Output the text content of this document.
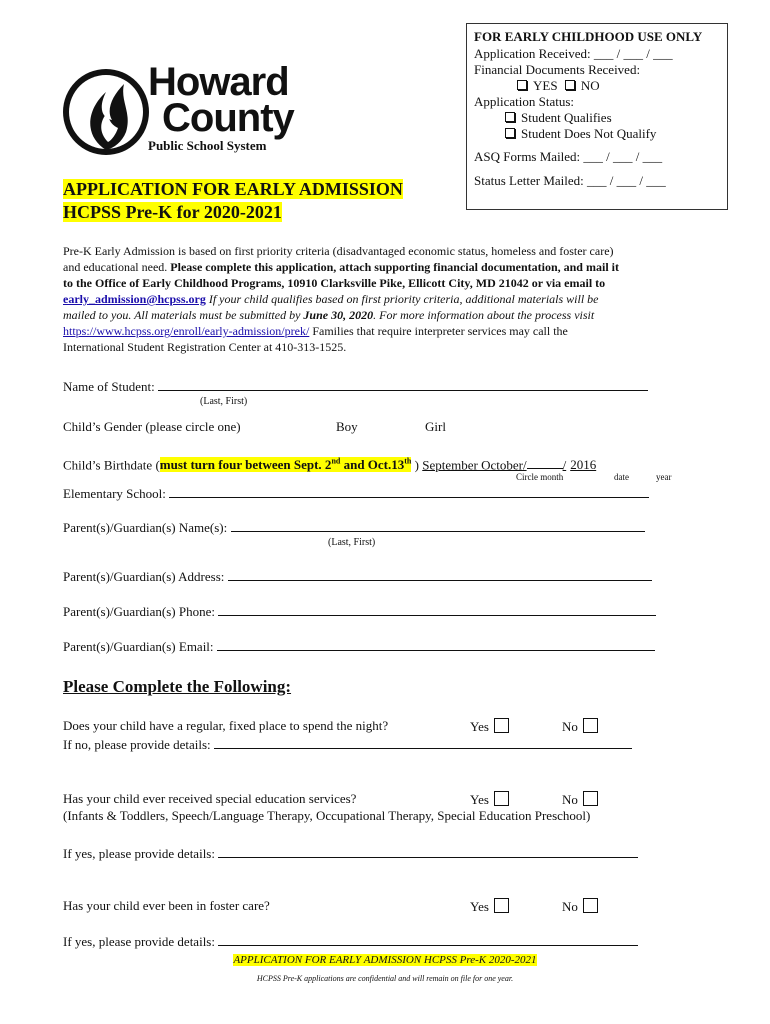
FOR EARLY CHILDHOOD USE ONLY
Application Received: ___ / ___ / ___
Financial Documents Received:
YES NO
Application Status:
Student Qualifies
Student Does Not Qualify
ASQ Forms Mailed: ___ / ___ / ___
Status Letter Mailed: ___ / ___ / ___
Howard
County
Public School System
APPLICATION FOR EARLY ADMISSION
HCPSS Pre-K for 2020-2021
Pre-K Early Admission is based on first priority criteria (disadvantaged economic status, homeless and foster care)
and educational need. Please complete this application, attach supporting financial documentation, and mail it
to the Office of Early Childhood Programs, 10910 Clarksville Pike, Ellicott City, MD 21042 or via email to
early_admission@hcpss.org If your child qualifies based on first priority criteria, additional materials will be
mailed to you. All materials must be submitted by June 30, 2020. For more information about the process visit
https://www.hcpss.org/enroll/early-admission/prek/ Families that require interpreter services may call the
International Student Registration Center at 410-313-1525.
Name of Student:
(Last, First)
Child’s Gender (please circle one)	Boy	Girl
Child’s Birthdate (must turn four between Sept. 2nd and Oct.13th ) September October/	/ 2016
Circle month	date	year
Elementary School:
Parent(s)/Guardian(s) Name(s):
(Last, First)
Parent(s)/Guardian(s) Address:
Parent(s)/Guardian(s) Phone:
Parent(s)/Guardian(s) Email:
Please Complete the Following:
Does your child have a regular, fixed place to spend the night?	Yes	No
If no, please provide details:
Has your child ever received special education services?	Yes	No
(Infants & Toddlers, Speech/Language Therapy, Occupational Therapy, Special Education Preschool)
If yes, please provide details:
Has your child ever been in foster care?	Yes	No
If yes, please provide details:
APPLICATION FOR EARLY ADMISSION HCPSS Pre-K 2020-2021
HCPSS Pre-K applications are confidential and will remain on file for one year.
